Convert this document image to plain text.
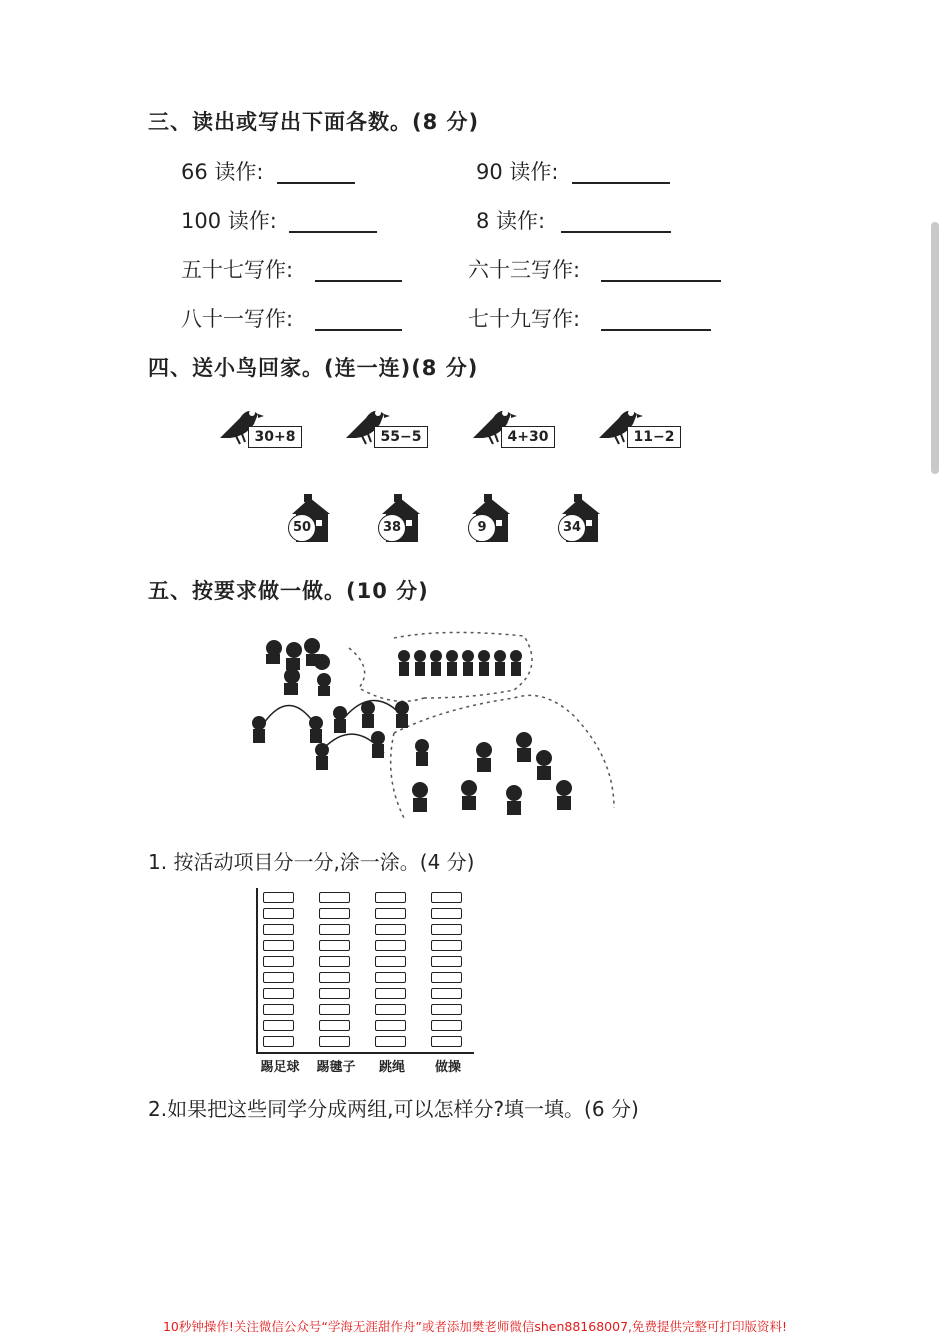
三、读出或写出下面各数。(8 分)
66 读作:	90 读作:
100 读作:	8 读作:
五十七写作:	六十三写作:
八十一写作:	七十九写作:
四、送小鸟回家。(连一连)(8 分)
30+8	55−5	4+30	11−2
50	38	9	34
五、按要求做一做。(10 分)
1. 按活动项目分一分,涂一涂。(4 分)
踢足球	踢毽子	跳绳	做操
2.如果把这些同学分成两组,可以怎样分?填一填。(6 分)
10秒钟操作!关注微信公众号“学海无涯甜作舟”或者添加樊老师微信shen88168007,免费提供完整可打印版资料!
